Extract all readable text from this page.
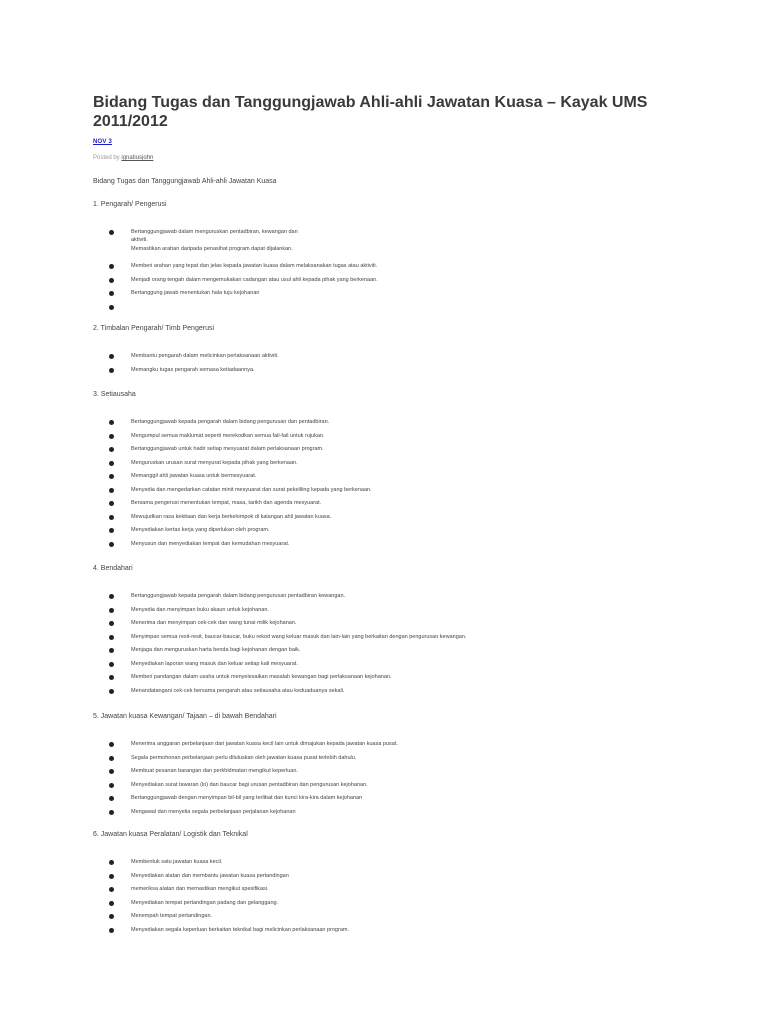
Bidang Tugas dan Tanggungjawab Ahli-ahli Jawatan Kuasa – Kayak UMS 2011/2012
NOV 3
Posted by ignatiusjohn
Bidang Tugas dan Tanggungjawab Ahli-ahli Jawatan Kuasa
1. Pengarah/ Pengerusi
Bertanggungjawab dalam menguruskan pentadbiran, kewangan dan
aktiviti.
Memastikan arahan daripada penasihat program dapat dijalankan.
Memberi arahan yang tepat dan jelas kepada jawatan kuasa dalam melaksanakan tugas atau aktiviti.
Menjadi orang tengah dalam mengemukakan cadangan atau usul ahli kepada pihak yang berkenaan.
Bertanggung jawab menentukan hala tuju kejohanan
2. Timbalan Pengarah/ Timb Pengerusi
Membantu pengarah dalam melicinkan perlaksanaan aktiviti.
Memangku tugas pengarah semasa ketiadaannya.
3. Setiausaha
Bertanggungjawab kepada pengarah dalam bidang pengurusan dan pentadbiran.
Mengumpul semua maklumat seperti merekodkan semua fail-fail untuk rujukan.
Bertanggungjawab untuk hadir setiap mesyuarat dalam perlaksanaan program.
Menguruskan urusan surat menyurat kepada pihak yang berkenaan.
Memanggil ahli jawatan kuasa untuk bermesyuarat.
Menyedia dan mengedarkan catatan minit mesyuarat dan surat pekeliling kepada yang berkenaan.
Bersama pengerusi menentukan tempat, masa, tarikh dan agenda mesyuarat.
Mewujudkan rasa kekitaan dan kerja berkelompok di kalangan ahli jawatan kuasa.
Menyediakan kertas kerja yang diperlukan oleh program.
Menyusun dan menyediakan tempat dan kemudahan mesyuarat.
4. Bendahari
Bertanggungjawab kepada pengarah dalam bidang pengurusan pentadbiran kewangan.
Menyedia dan menyimpan buku akaun untuk kejohanan.
Menerima dan menyimpan cek-cek dan wang tunai milik kejohanan.
Menyimpan semua resit-resit, baucar-baucar, buku rekod wang keluar masuk dan lain-lain yang berkaitan dengan pengurusan kewangan.
Menjaga dan menguruskan harta benda bagi kejohanan dengan baik.
Menyediakan laporan wang masuk dan keluar setiap kali mesyuarat.
Memberi pandangan dalam usaha untuk menyelesaikan masalah kewangan bagi perlaksanaan kejohanan.
Menandatangani cek-cek bersama pengarah atau setiausaha atau keduaduanya sekali.
5. Jawatan kuasa Kewangan/ Tajaan – di bawah Bendahari
Menerima anggaran perbelanjaan dari jawatan kuasa kecil lain untuk dimajukan kepada jawatan kuasa pusat.
Segala permohonan perbelanjaan perlu diluluskan oleh jawatan kuasa pusat terlebih dahulu.
Membuat pesanan barangan dan perkhidmatan mengikut keperluan.
Menyediakan surat tawaran (lo) dan baucar bagi urusan pentadbiran dan pengurusan kejohanan.
Bertanggungjawab dengan menyimpan bil-bil yang terlibat dan kunci kira-kira dalam kejohanan
Mengawal dan menyelia segala perbelanjaan perjalanan kejohanan
6. Jawatan kuasa Peralatan/ Logistik dan Teknikal
Membentuk satu jawatan kuasa kecil.
Menyediakan alatan dan membantu jawatan kuasa pertandingan
memeriksa alatan dan memastikan mengikut spesifikasi.
Menyediakan tempat pertandingan padang dan gelanggang.
Menempah tempat pertandingan.
Menyediakan segala keperluan berkaitan teknikal bagi melicinkan perlaksanaan program.
